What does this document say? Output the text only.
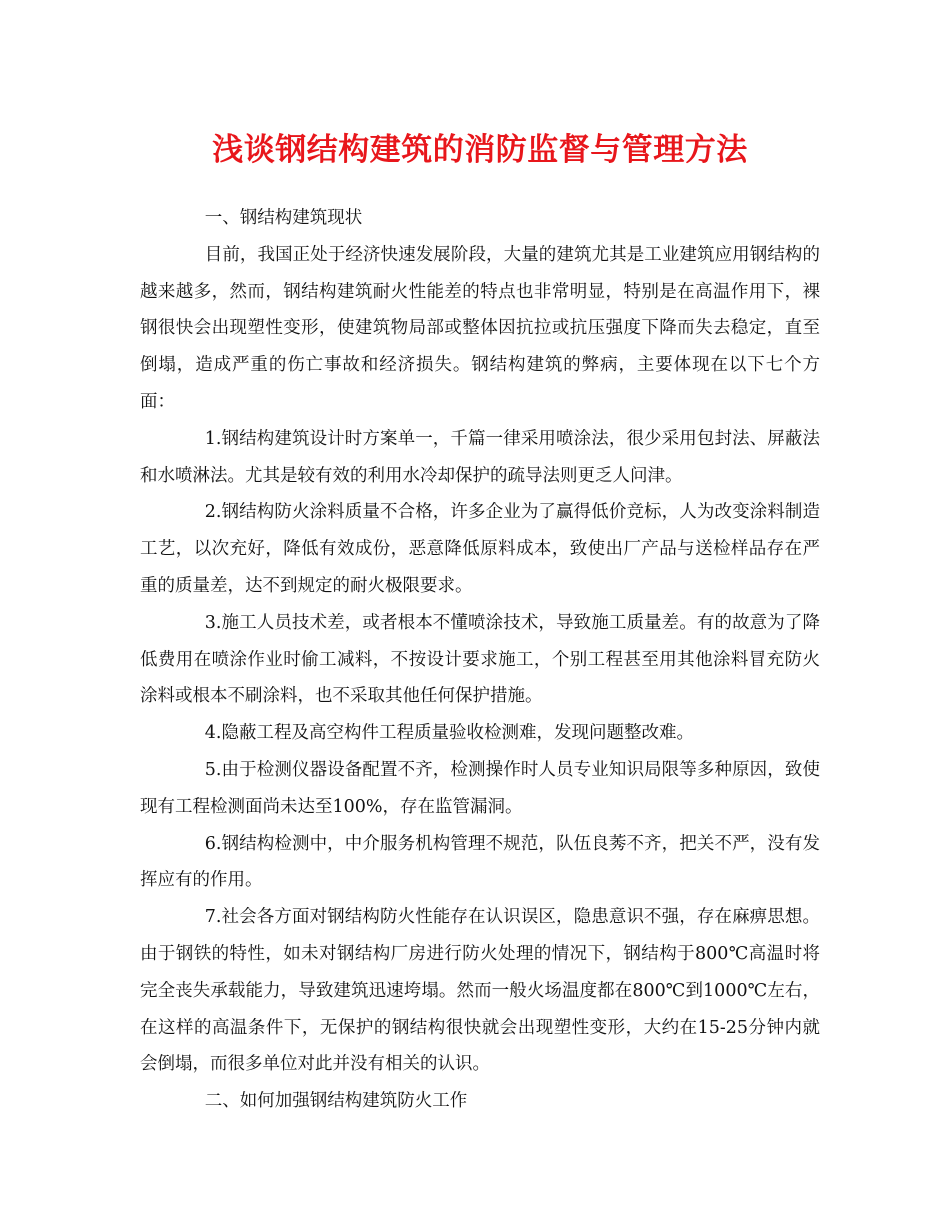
浅谈钢结构建筑的消防监督与管理方法

一、钢结构建筑现状

目前，我国正处于经济快速发展阶段，大量的建筑尤其是工业建筑应用钢结构的越来越多，然而，钢结构建筑耐火性能差的特点也非常明显，特别是在高温作用下，裸钢很快会出现塑性变形，使建筑物局部或整体因抗拉或抗压强度下降而失去稳定，直至倒塌，造成严重的伤亡事故和经济损失。钢结构建筑的弊病，主要体现在以下七个方面：

1.钢结构建筑设计时方案单一，千篇一律采用喷涂法，很少采用包封法、屏蔽法和水喷淋法。尤其是较有效的利用水冷却保护的疏导法则更乏人问津。

2.钢结构防火涂料质量不合格，许多企业为了赢得低价竞标，人为改变涂料制造工艺，以次充好，降低有效成份，恶意降低原料成本，致使出厂产品与送检样品存在严重的质量差，达不到规定的耐火极限要求。

3.施工人员技术差，或者根本不懂喷涂技术，导致施工质量差。有的故意为了降低费用在喷涂作业时偷工减料，不按设计要求施工，个别工程甚至用其他涂料冒充防火涂料或根本不刷涂料，也不采取其他任何保护措施。

4.隐蔽工程及高空构件工程质量验收检测难，发现问题整改难。

5.由于检测仪器设备配置不齐，检测操作时人员专业知识局限等多种原因，致使现有工程检测面尚未达至100%，存在监管漏洞。

6.钢结构检测中，中介服务机构管理不规范，队伍良莠不齐，把关不严，没有发挥应有的作用。

7.社会各方面对钢结构防火性能存在认识误区，隐患意识不强，存在麻痹思想。由于钢铁的特性，如未对钢结构厂房进行防火处理的情况下，钢结构于800℃高温时将完全丧失承载能力，导致建筑迅速垮塌。然而一般火场温度都在800℃到1000℃左右，在这样的高温条件下，无保护的钢结构很快就会出现塑性变形，大约在15-25分钟内就会倒塌，而很多单位对此并没有相关的认识。

二、如何加强钢结构建筑防火工作
